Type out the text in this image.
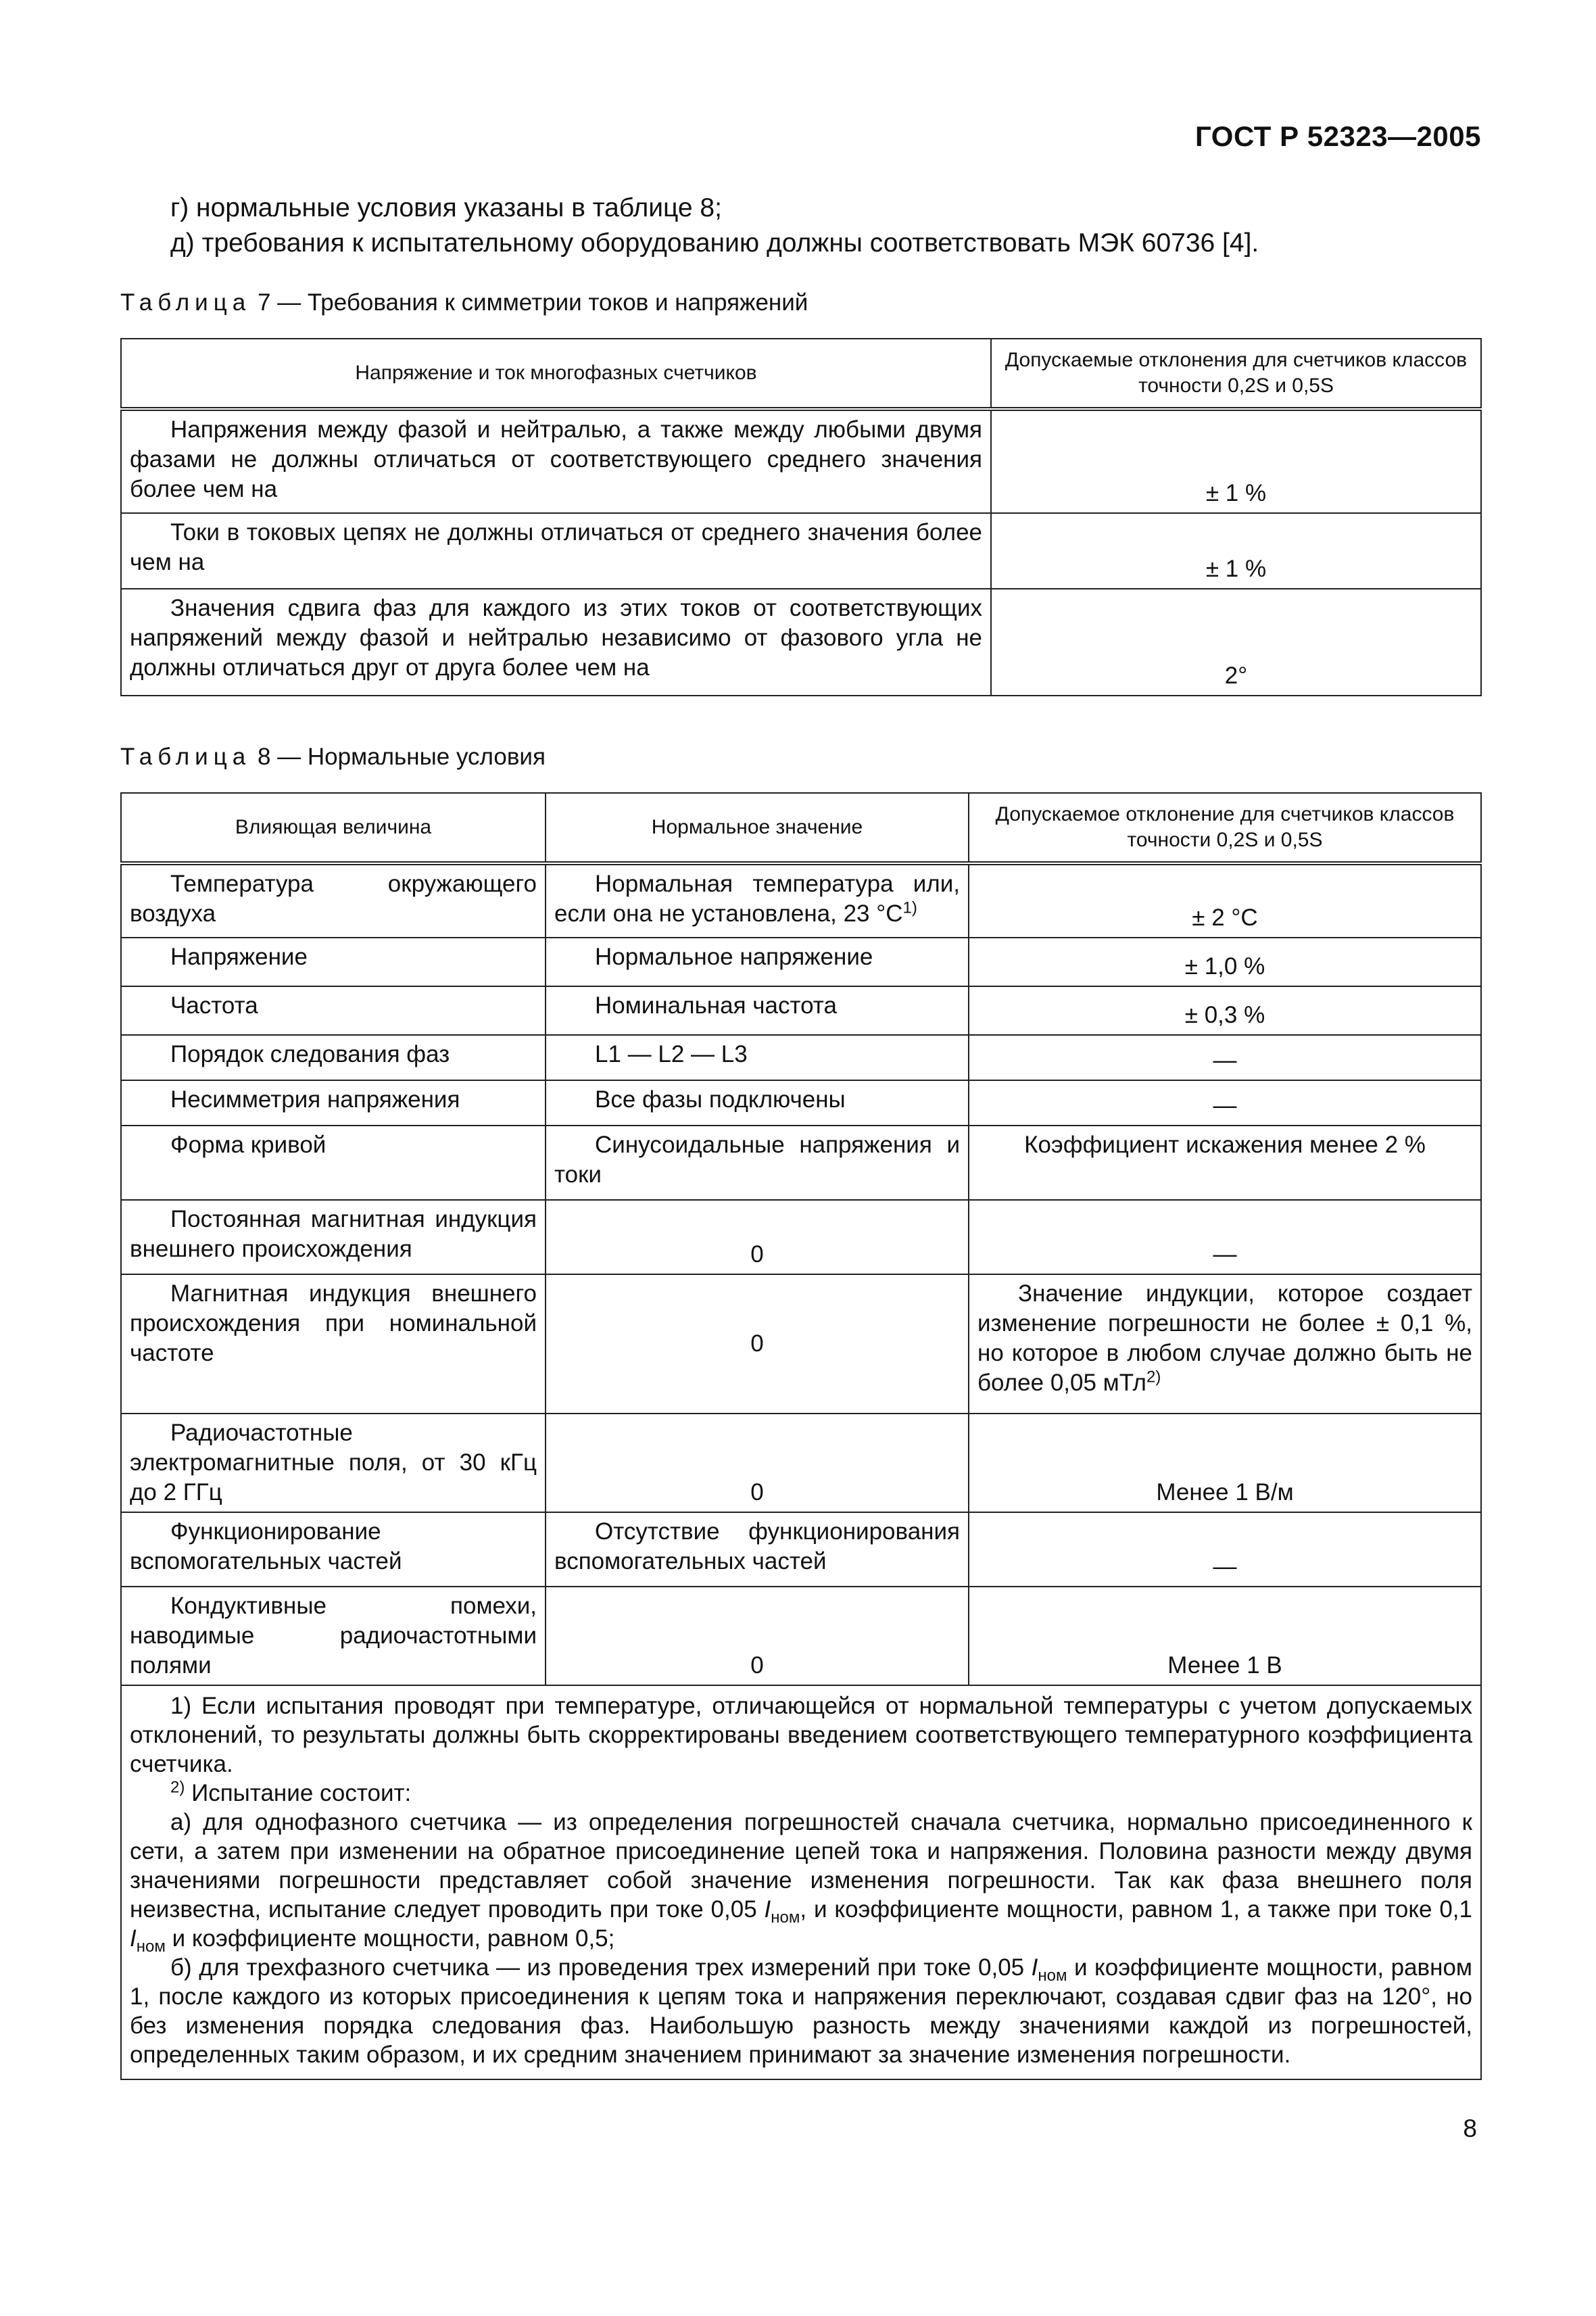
ГОСТ Р 52323—2005
г) нормальные условия указаны в таблице 8;
д) требования к испытательному оборудованию должны соответствовать МЭК 60736 [4].
Таблица 7 — Требования к симметрии токов и напряжений
Напряжение и ток многофазных счетчиков	Допускаемые отклонения для счетчиков классов точности 0,2S и 0,5S
Напряжения между фазой и нейтралью, а также между любыми двумя фазами не должны отличаться от соответствующего среднего значения более чем на	± 1 %
Токи в токовых цепях не должны отличаться от среднего значения более чем на	± 1 %
Значения сдвига фаз для каждого из этих токов от соответствующих напряжений между фазой и нейтралью независимо от фазового угла не должны отличаться друг от друга более чем на	2°
Таблица 8 — Нормальные условия
Влияющая величина	Нормальное значение	Допускаемое отклонение для счетчиков классов точности 0,2S и 0,5S
Температура окружающего воздуха	Нормальная температура или, если она не установлена, 23 $^\circ C^{1)}$	± 2 °C
Напряжение	Нормальное напряжение	± 1,0 %
Частота	Номинальная частота	± 0,3 %
Порядок следования фаз	L1 — L2 — L3	—
Несимметрия напряжения	Все фазы подключены	—
Форма кривой	Синусоидальные напряжения и токи	Коэффициент искажения менее 2 %
Постоянная магнитная индукция внешнего происхождения	0	—
Магнитная индукция внешнего происхождения при номинальной частоте	0	Значение индукции, которое создает изменение погрешности не более ± 0,1 %, но которое в любом случае должно быть не более 0,05 мТл$^{2)}$
Радиочастотные электромагнитные поля, от 30 кГц до 2 ГГц	0	Менее 1 В/м
Функционирование вспомогательных частей	Отсутствие функционирования вспомогательных частей	—
Кондуктивные помехи, наводимые радиочастотными полями	0	Менее 1 В

1) Если испытания проводят при температуре, отличающейся от нормальной температуры с учетом допускаемых отклонений, то результаты должны быть скорректированы введением соответствующего температурного коэффициента счетчика.

$^{2)}$ Испытание состоит:

а) для однофазного счетчика — из определения погрешностей сначала счетчика, нормально присоединенного к сети, а затем при изменении на обратное присоединение цепей тока и напряжения. Половина разности между двумя значениями погрешности представляет собой значение изменения погрешности. Так как фаза внешнего поля неизвестна, испытание следует проводить при токе 0,05 $I_{ном}$, и коэффициенте мощности, равном 1, а также при токе 0,1 $I_{ном}$ и коэффициенте мощности, равном 0,5;

б) для трехфазного счетчика — из проведения трех измерений при токе 0,05 $I_{ном}$ и коэффициенте мощности, равном 1, после каждого из которых присоединения к цепям тока и напряжения переключают, создавая сдвиг фаз на 120°, но без изменения порядка следования фаз. Наибольшую разность между значениями каждой из погрешностей, определенных таким образом, и их средним значением принимают за значение изменения погрешности.		

8
